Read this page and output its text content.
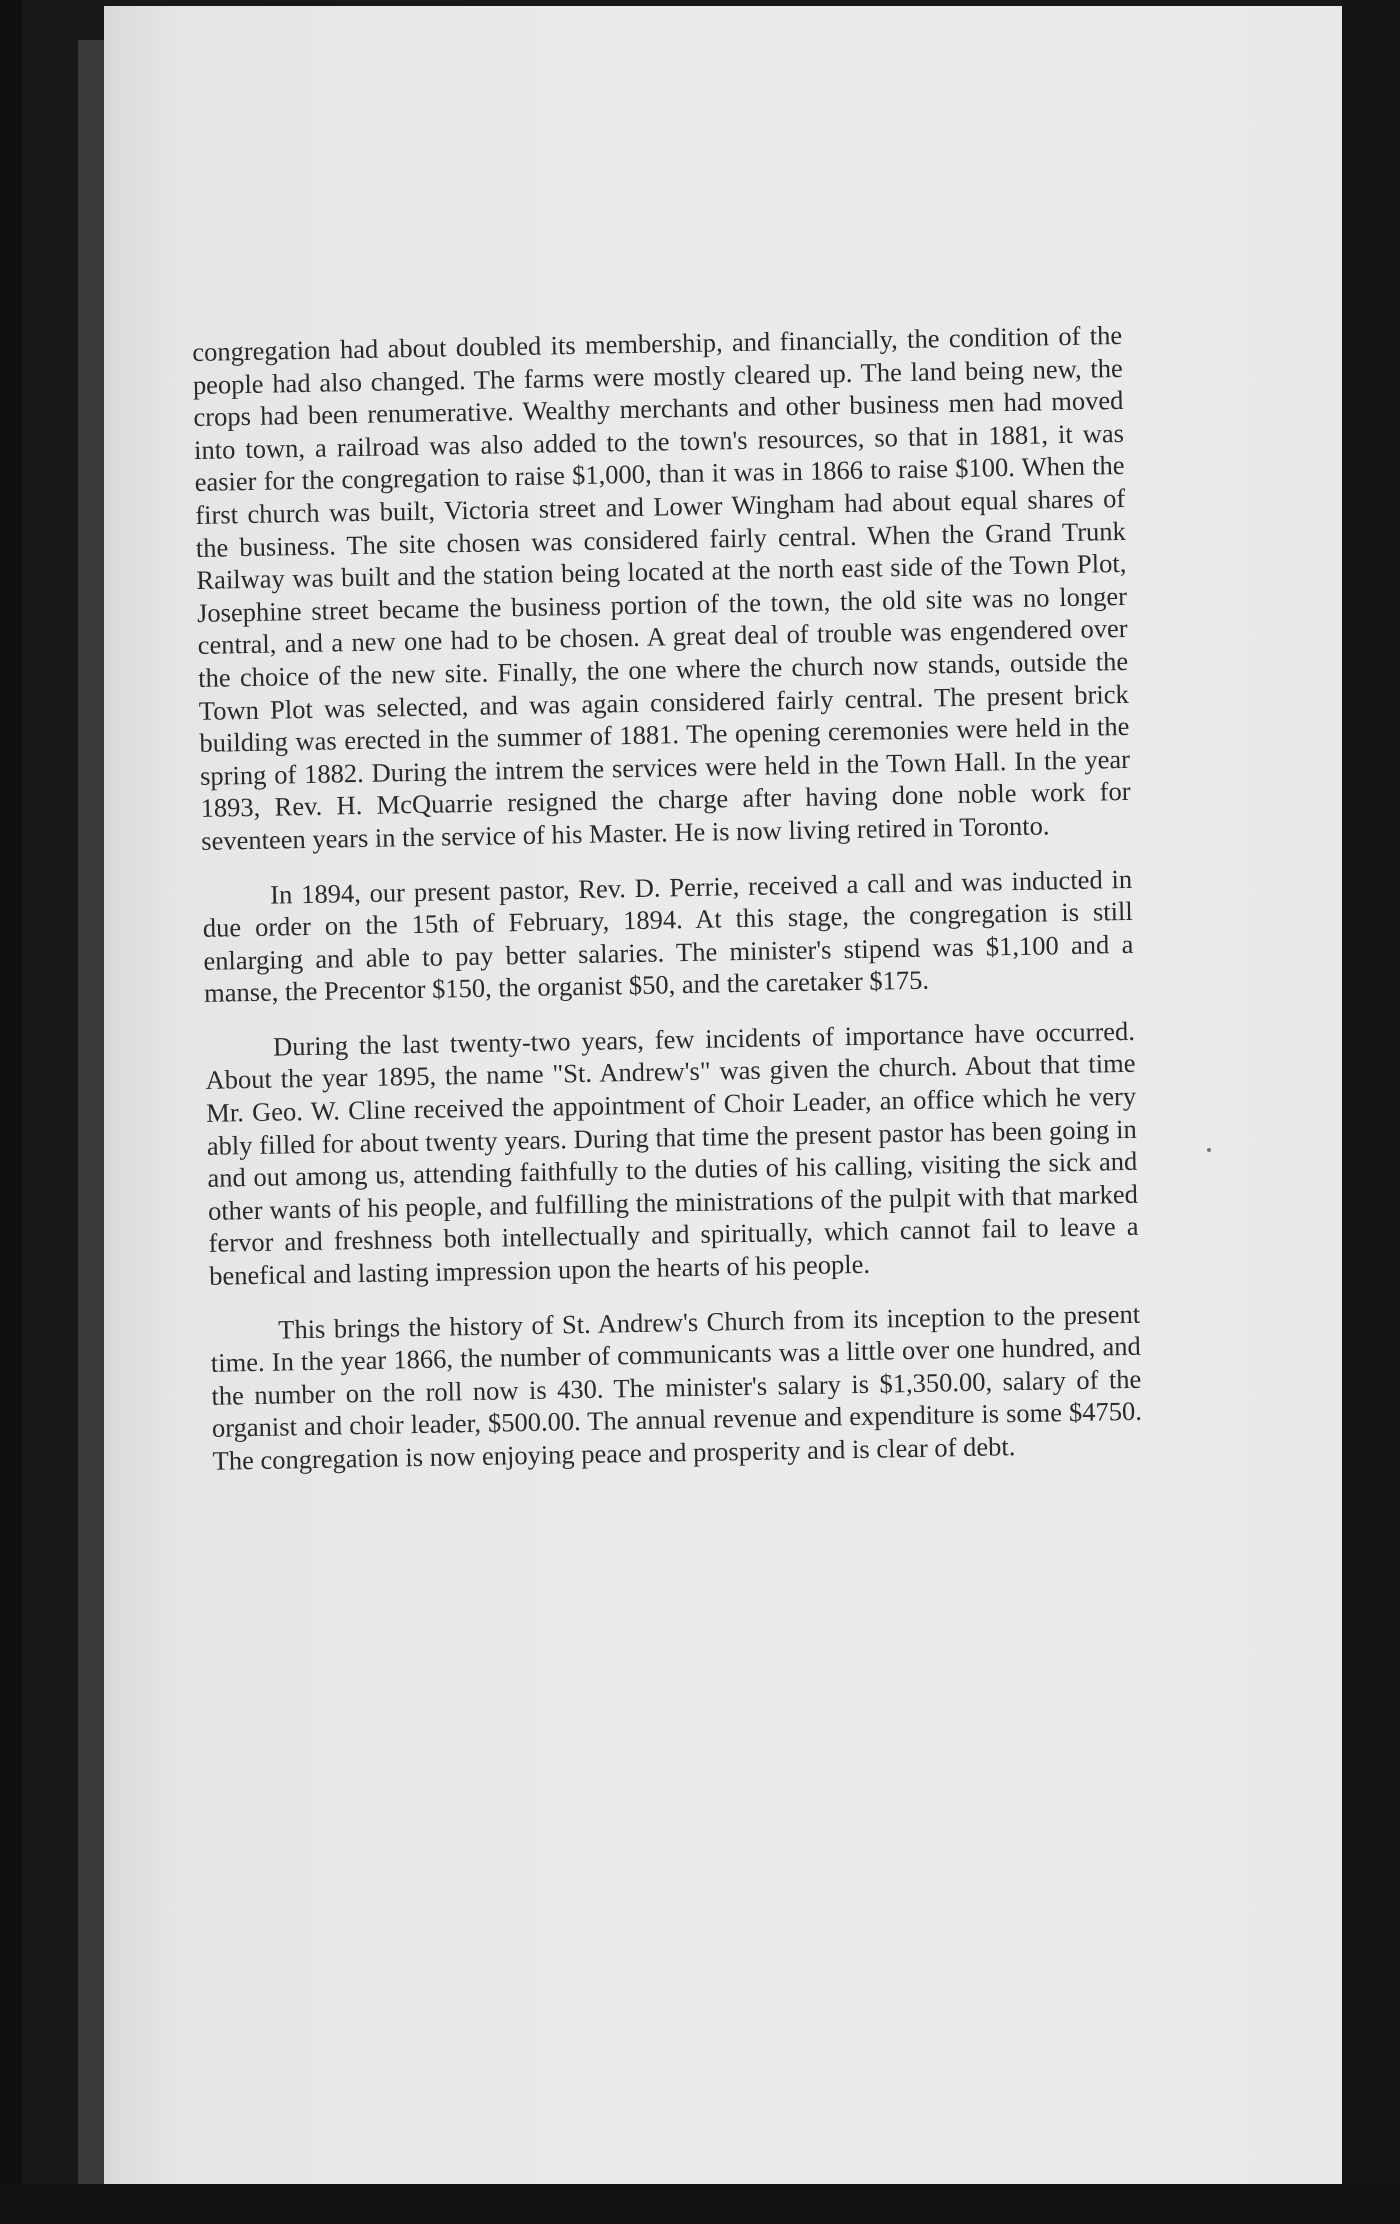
congregation had about doubled its membership, and financially, the condition of the people had also changed. The farms were mostly cleared up. The land being new, the crops had been renumerative. Wealthy merchants and other business men had moved into town, a railroad was also added to the town's resources, so that in 1881, it was easier for the congregation to raise $1,000, than it was in 1866 to raise $100. When the first church was built, Victoria street and Lower Wingham had about equal shares of the business. The site chosen was considered fairly central. When the Grand Trunk Railway was built and the station being located at the north east side of the Town Plot, Josephine street became the business portion of the town, the old site was no longer central, and a new one had to be chosen. A great deal of trouble was engendered over the choice of the new site. Finally, the one where the church now stands, outside the Town Plot was selected, and was again considered fairly central. The present brick building was erected in the summer of 1881. The opening ceremonies were held in the spring of 1882. During the intrem the services were held in the Town Hall. In the year 1893, Rev. H. McQuarrie resigned the charge after having done noble work for seventeen years in the service of his Master. He is now living retired in Toronto.

In 1894, our present pastor, Rev. D. Perrie, received a call and was inducted in due order on the 15th of February, 1894. At this stage, the congregation is still enlarging and able to pay better salaries. The minister's stipend was $1,100 and a manse, the Precentor $150, the organist $50, and the caretaker $175.

During the last twenty-two years, few incidents of importance have occurred. About the year 1895, the name "St. Andrew's" was given the church. About that time Mr. Geo. W. Cline received the appointment of Choir Leader, an office which he very ably filled for about twenty years. During that time the present pastor has been going in and out among us, attending faithfully to the duties of his calling, visiting the sick and other wants of his people, and fulfilling the ministrations of the pulpit with that marked fervor and freshness both intellectually and spiritually, which cannot fail to leave a benefical and lasting impression upon the hearts of his people.

This brings the history of St. Andrew's Church from its inception to the present time. In the year 1866, the number of communicants was a little over one hundred, and the number on the roll now is 430. The minister's salary is $1,350.00, salary of the organist and choir leader, $500.00. The annual revenue and expenditure is some $4750. The congregation is now enjoying peace and prosperity and is clear of debt.
